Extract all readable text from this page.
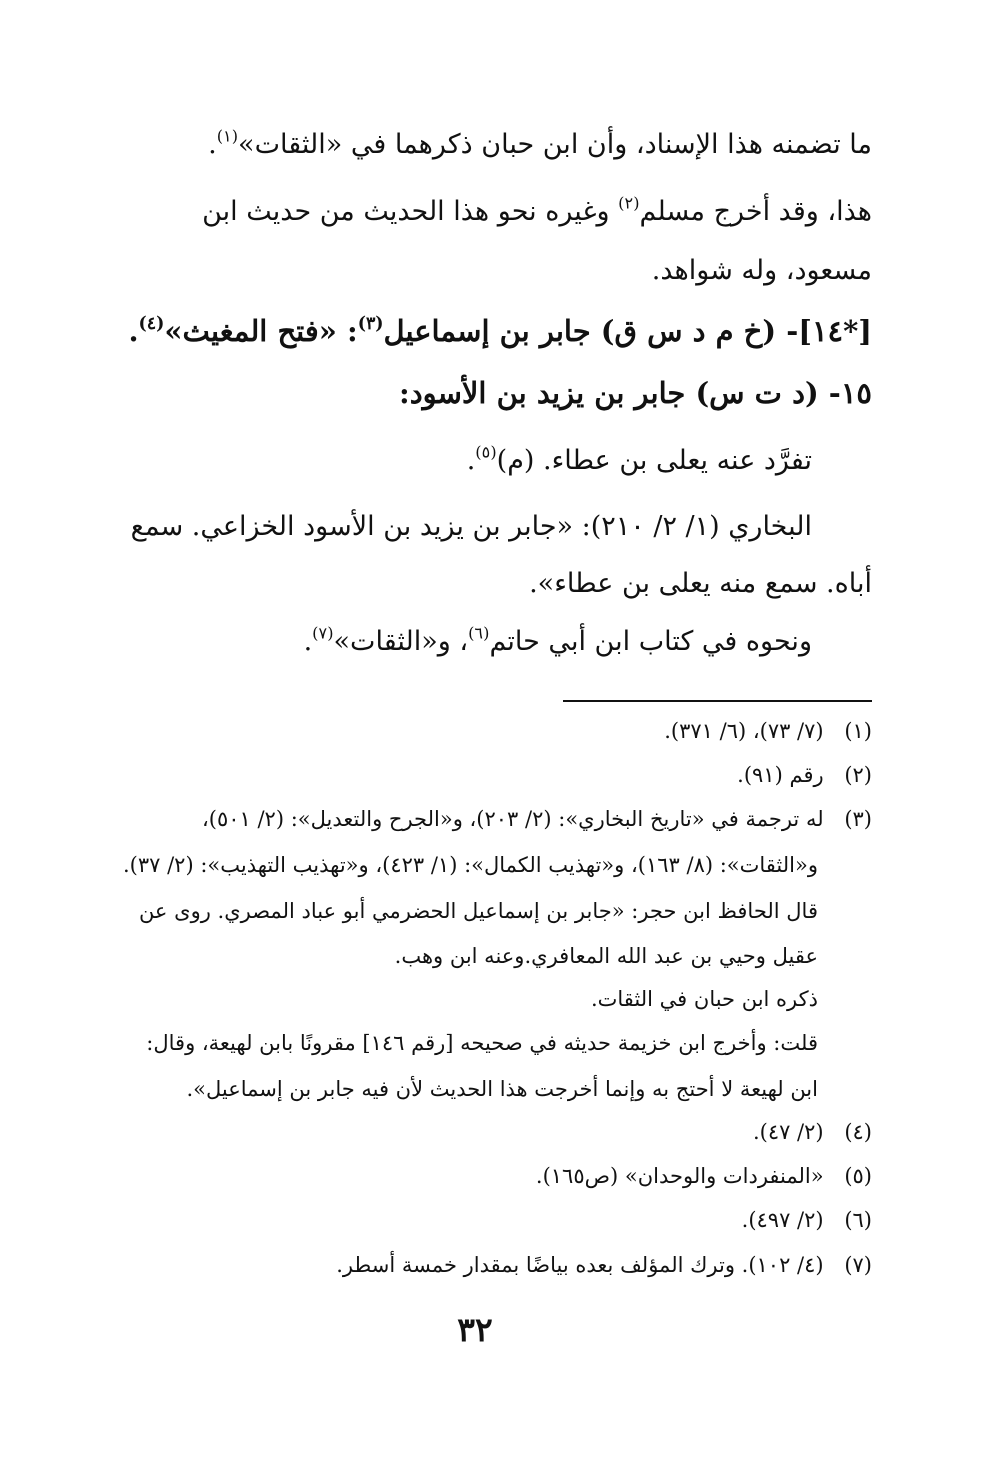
ما تضمنه هذا الإسناد، وأن ابن حبان ذكرهما في «الثقات»$^{(١)}$.
هذا، وقد أخرج مسلم$^{(٢)}$ وغيره نحو هذا الحديث من حديث ابن
مسعود، وله شواهد.
[*١٤]- (خ م د س ق) جابر بن إسماعيل$^{(٣)}$: «فتح المغيث»$^{(٤)}$.
١٥- (د ت س) جابر بن يزيد بن الأسود:
تفرَّد عنه يعلى بن عطاء. (م)$^{(٥)}$.
البخاري (١/ ٢/ ٢١٠): «جابر بن يزيد بن الأسود الخزاعي. سمع
أباه. سمع منه يعلى بن عطاء».
ونحوه في كتاب ابن أبي حاتم$^{(٦)}$، و«الثقات»$^{(٧)}$.
(١) (٧/ ٧٣)، (٦/ ٣٧١).
(٢) رقم (٩١).
(٣) له ترجمة في «تاريخ البخاري»: (٢/ ٢٠٣)، و«الجرح والتعديل»: (٢/ ٥٠١)،
و«الثقات»: (٨/ ١٦٣)، و«تهذيب الكمال»: (١/ ٤٢٣)، و«تهذيب التهذيب»: (٢/ ٣٧).
قال الحافظ ابن حجر: «جابر بن إسماعيل الحضرمي أبو عباد المصري. روى عن
عقيل وحيي بن عبد الله المعافري.وعنه ابن وهب.
ذكره ابن حبان في الثقات.
قلت: وأخرج ابن خزيمة حديثه في صحيحه [رقم ١٤٦] مقرونًا بابن لهيعة، وقال:
ابن لهيعة لا أحتج به وإنما أخرجت هذا الحديث لأن فيه جابر بن إسماعيل».
(٤) (٢/ ٤٧).
(٥) «المنفردات والوحدان» (ص١٦٥).
(٦) (٢/ ٤٩٧).
(٧) (٤/ ١٠٢). وترك المؤلف بعده بياضًا بمقدار خمسة أسطر.
٣٢
